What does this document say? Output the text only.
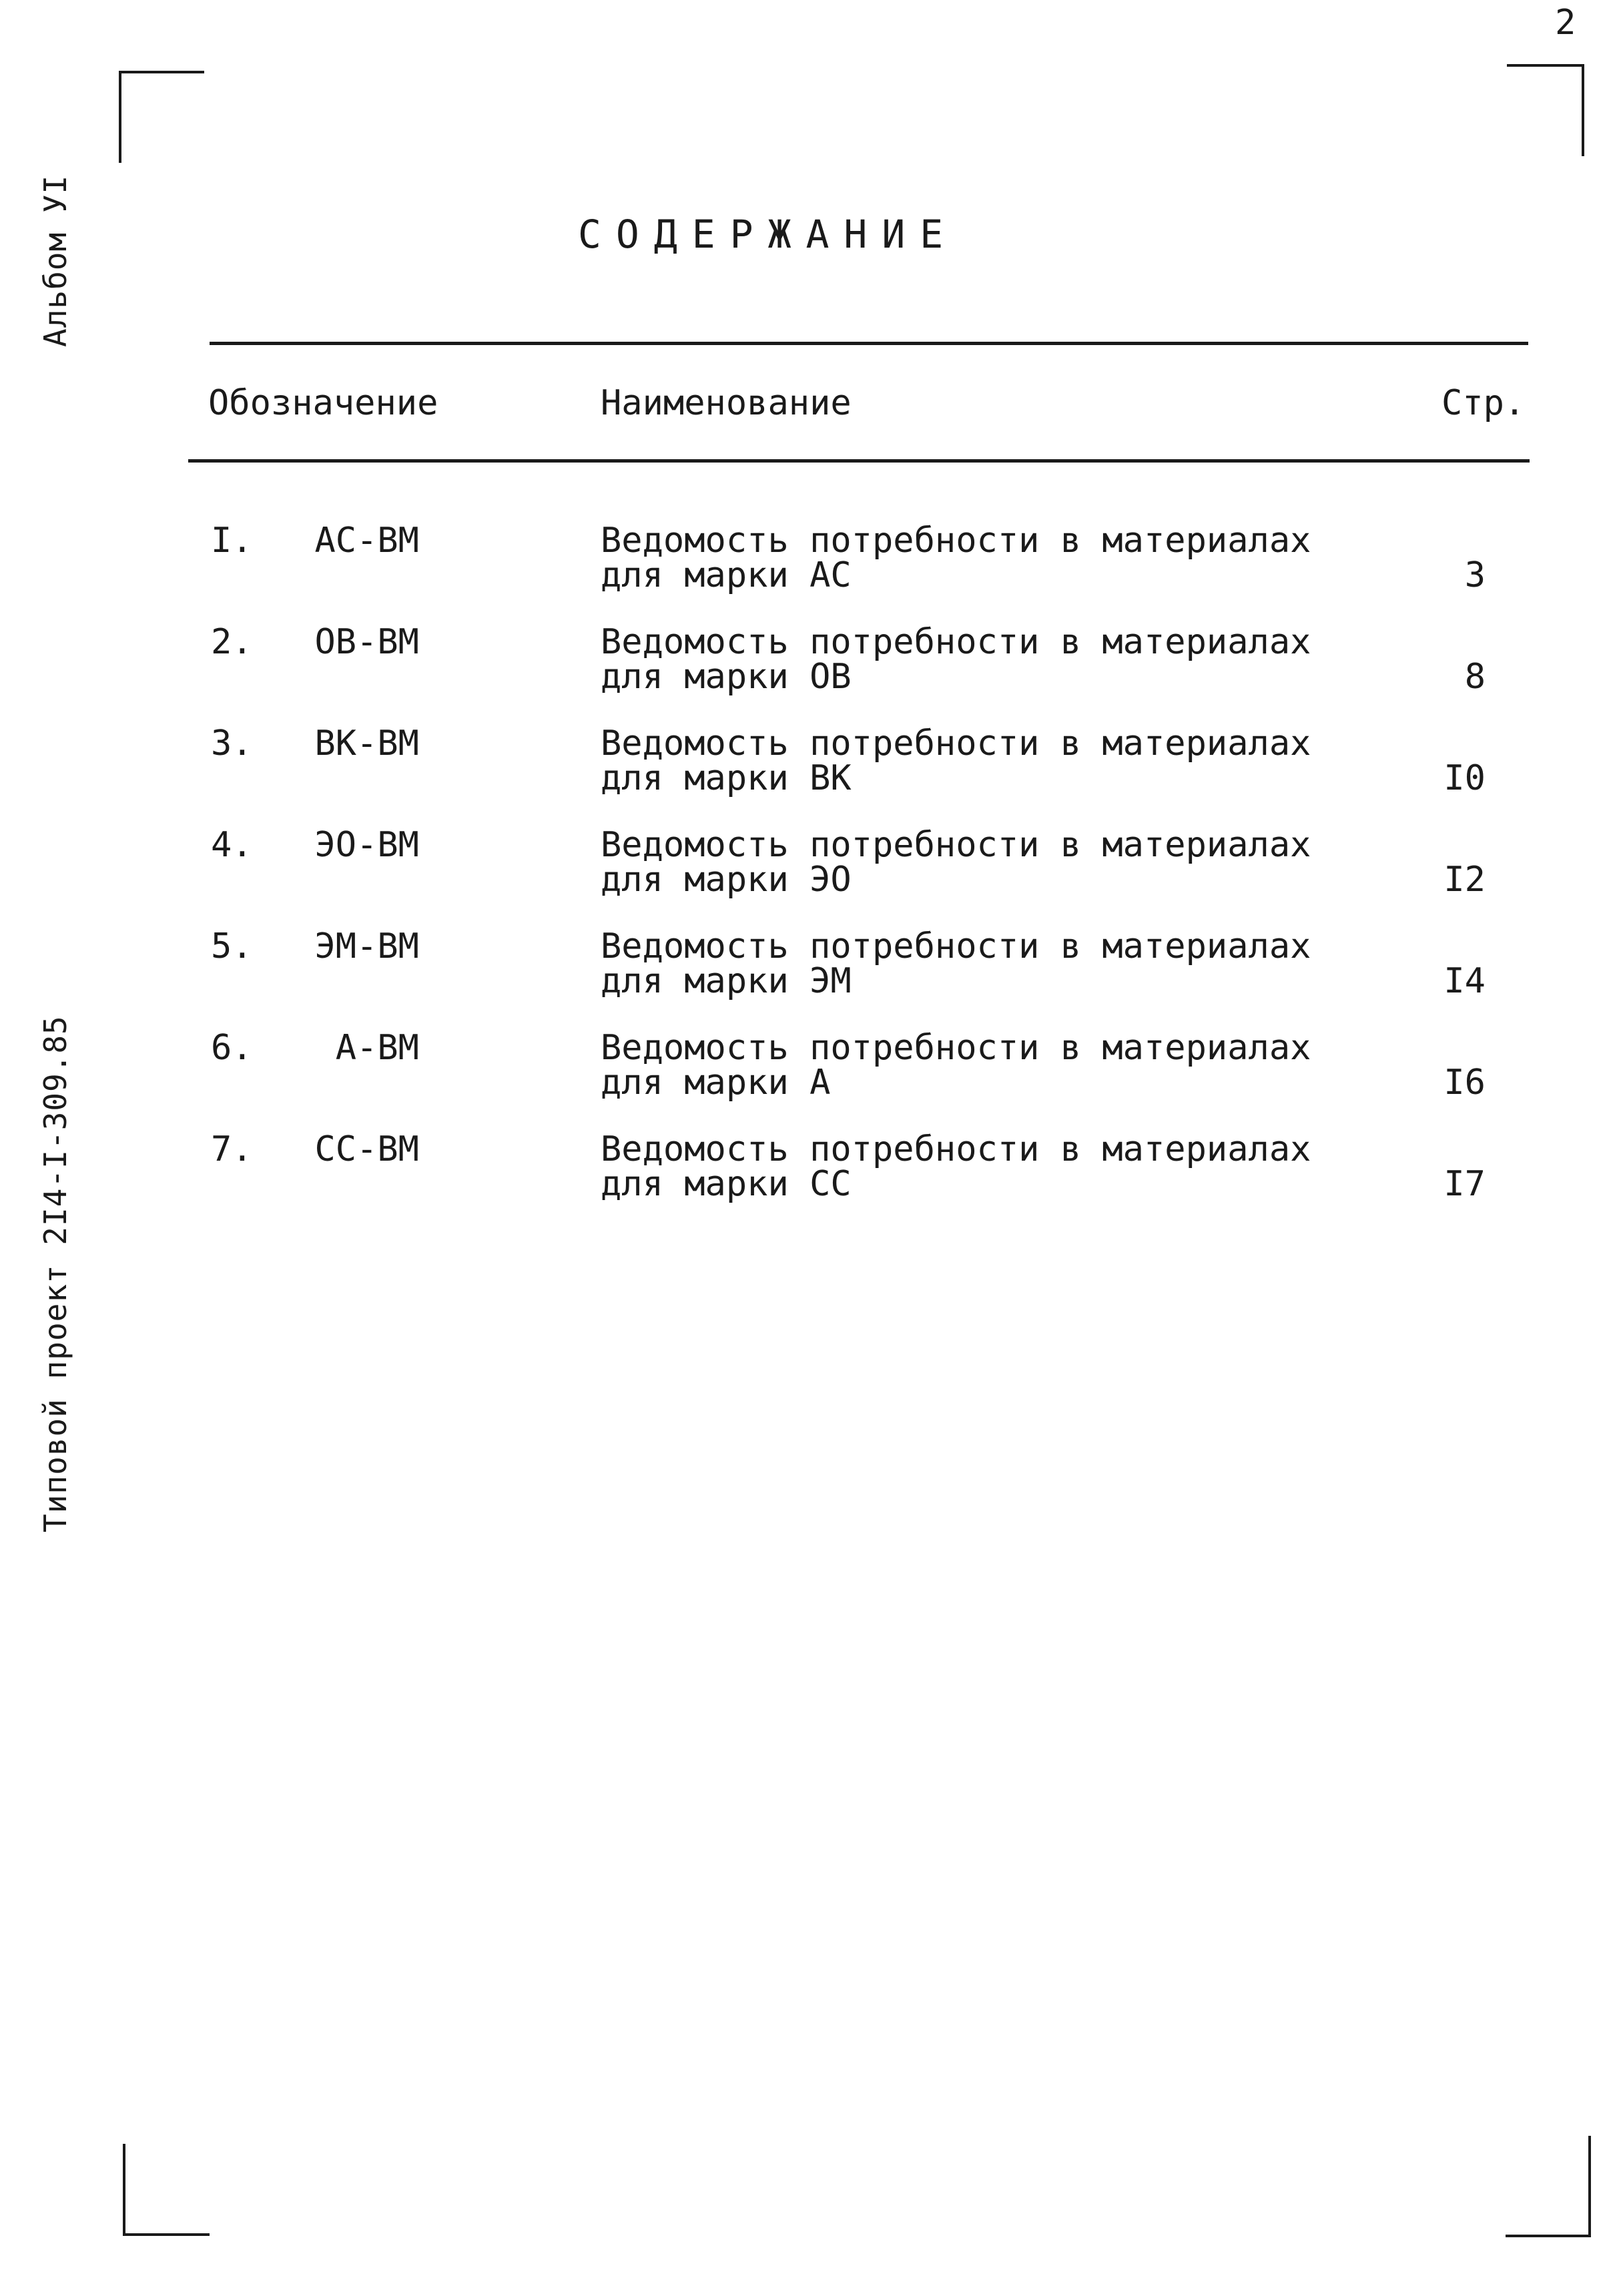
2
Альбом УI
Типовой проект 2I4-I-309.85
СОДЕРЖАНИЕ
Обозначение	Наименование	Стр.
I. АС-ВМ	Ведомость потребности в материалах
для марки АС	3
2. ОВ-ВМ	Ведомость потребности в материалах
для марки ОВ	8
3. ВК-ВМ	Ведомость потребности в материалах
для марки ВК	I0
4. ЭО-ВМ	Ведомость потребности в материалах
для марки ЭО	I2
5. ЭМ-ВМ	Ведомость потребности в материалах
для марки ЭМ	I4
6.	А-ВМ	Ведомость потребности в материалах
для марки А	I6
7. СС-ВМ	Ведомость потребности в материалах
для марки СС	I7
